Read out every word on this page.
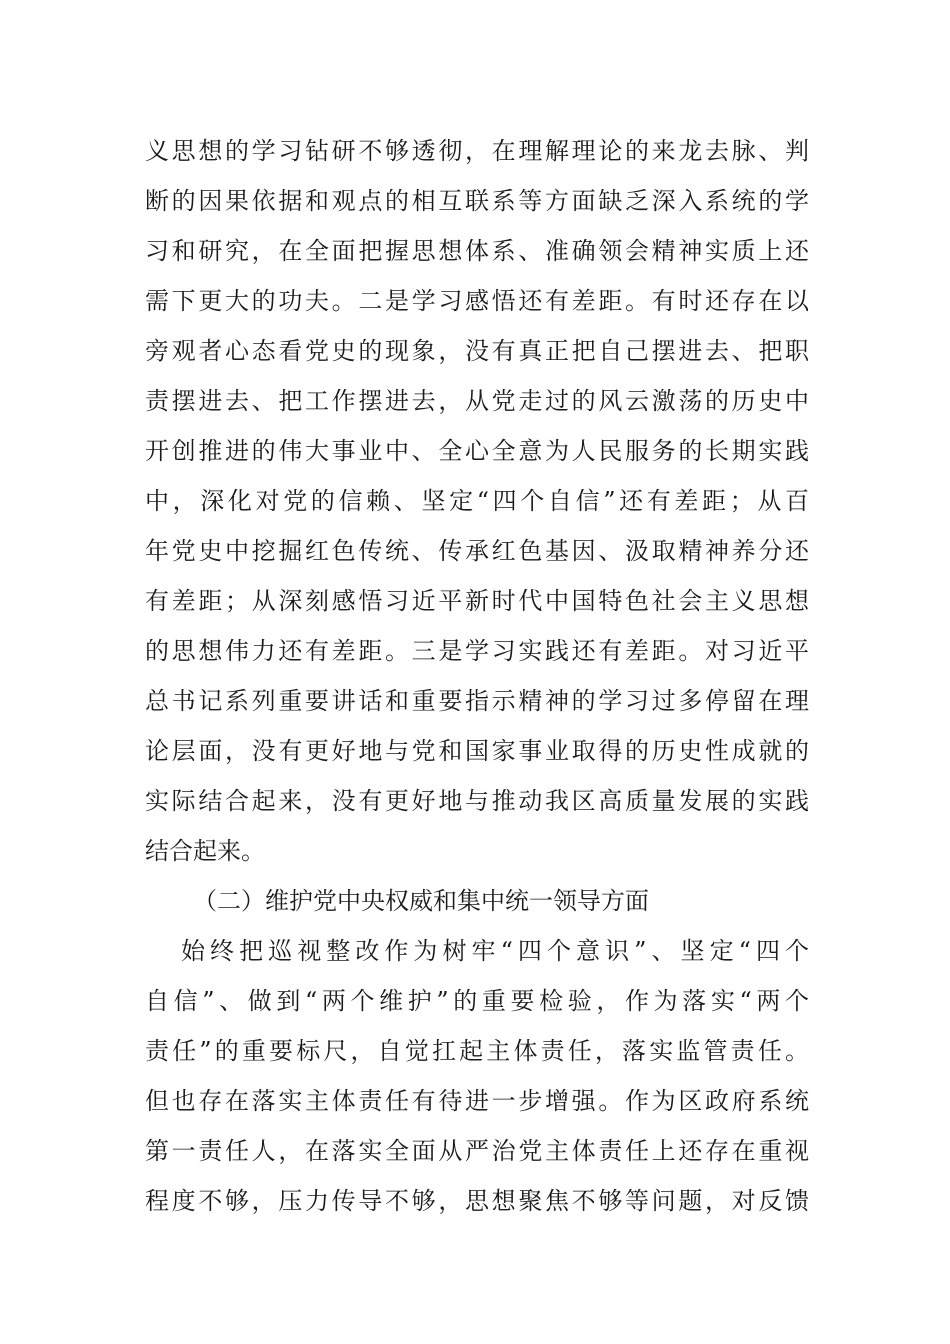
义思想的学习钻研不够透彻，在理解理论的来龙去脉、判
断的因果依据和观点的相互联系等方面缺乏深入系统的学
习和研究，在全面把握思想体系、准确领会精神实质上还
需下更大的功夫。二是学习感悟还有差距。有时还存在以
旁观者心态看党史的现象，没有真正把自己摆进去、把职
责摆进去、把工作摆进去，从党走过的风云激荡的历史中
开创推进的伟大事业中、全心全意为人民服务的长期实践
中，深化对党的信赖、坚定“四个自信”还有差距；从百
年党史中挖掘红色传统、传承红色基因、汲取精神养分还
有差距；从深刻感悟习近平新时代中国特色社会主义思想
的思想伟力还有差距。三是学习实践还有差距。对习近平
总书记系列重要讲话和重要指示精神的学习过多停留在理
论层面，没有更好地与党和国家事业取得的历史性成就的
实际结合起来，没有更好地与推动我区高质量发展的实践
结合起来。
（二）维护党中央权威和集中统一领导方面
始终把巡视整改作为树牢“四个意识”、坚定“四个
自信”、做到“两个维护”的重要检验，作为落实“两个
责任”的重要标尺，自觉扛起主体责任，落实监管责任。
但也存在落实主体责任有待进一步增强。作为区政府系统
第一责任人，在落实全面从严治党主体责任上还存在重视
程度不够，压力传导不够，思想聚焦不够等问题，对反馈
